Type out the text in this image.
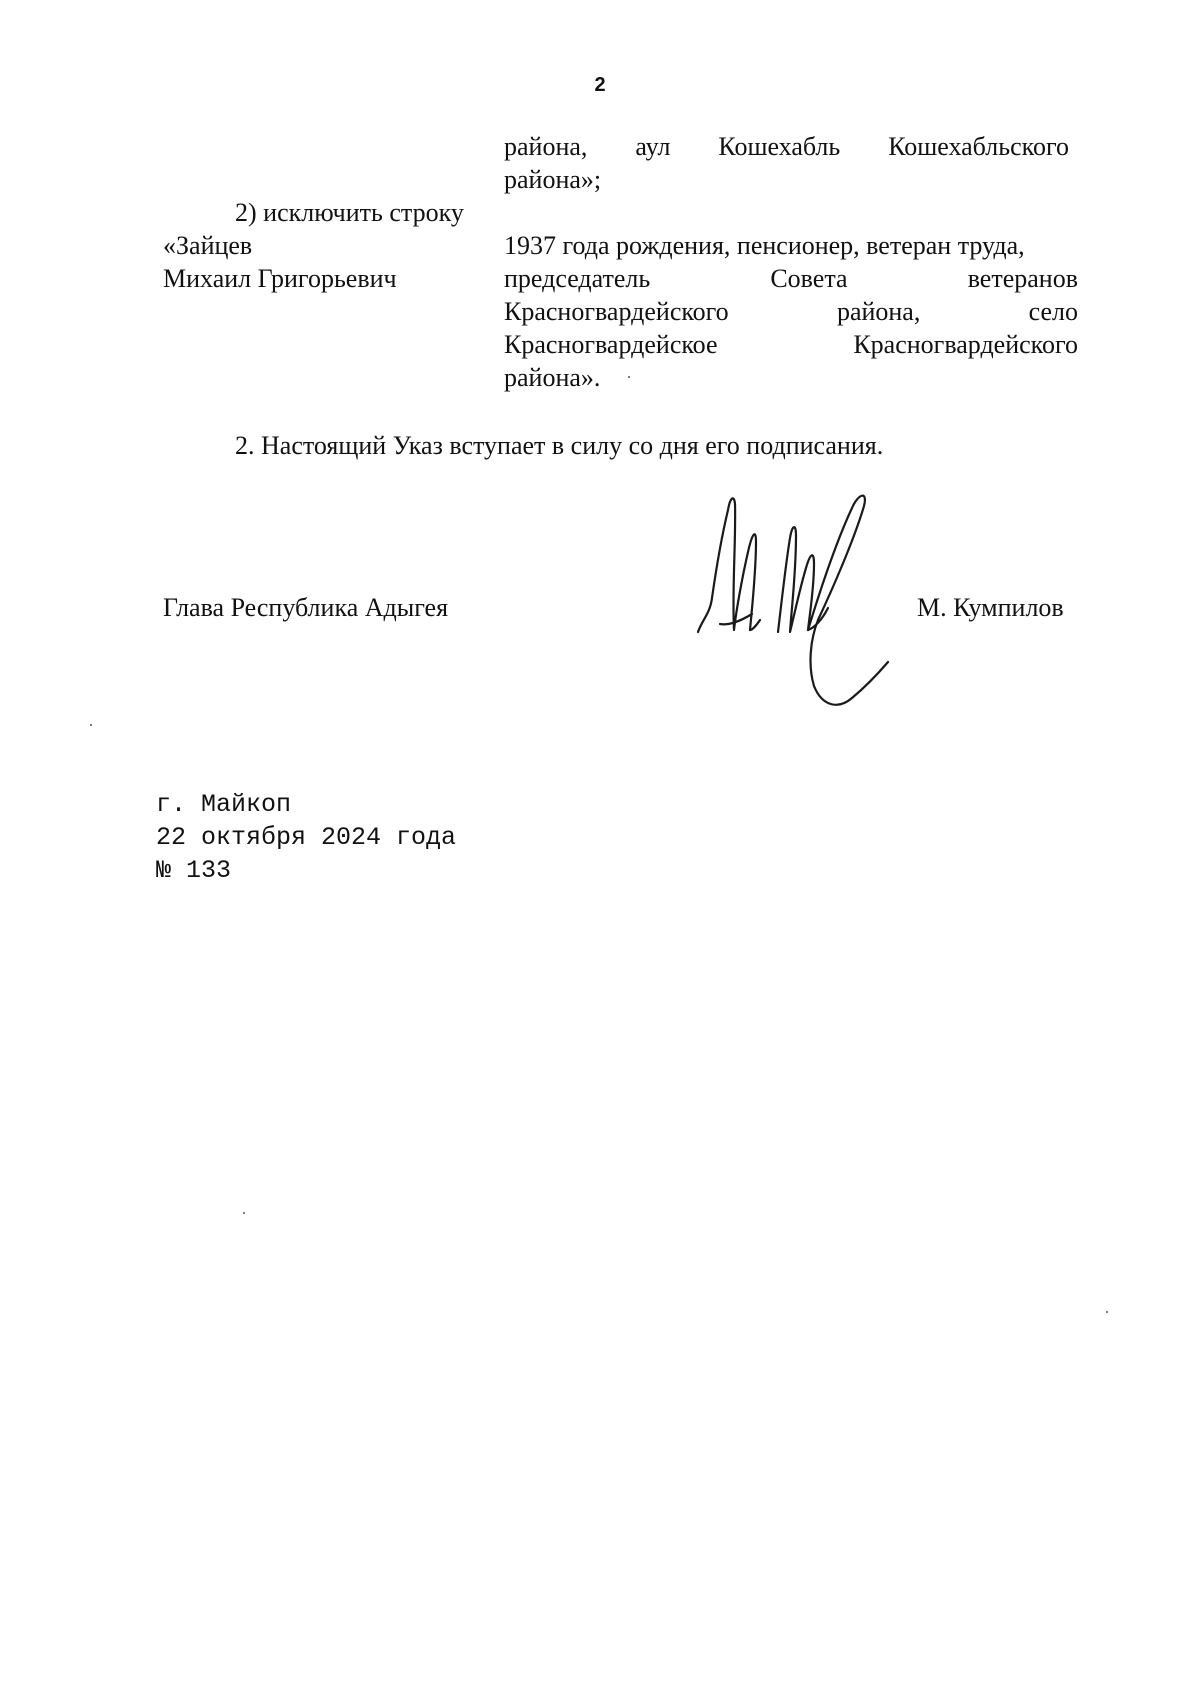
2
района, аул Кошехабль Кошехабльского
района»;
2) исключить строку
«Зайцев
Михаил Григорьевич
1937 года рождения, пенсионер, ветеран труда,
председатель	Совета	ветеранов
Красногвардейского	района,	село
Красногвардейское	Красногвардейского
района».
2. Настоящий Указ вступает в силу со дня его подписания.
Глава Республика Адыгея	М. Кумпилов
г. Майкоп
22 октября 2024 года
№ 133
